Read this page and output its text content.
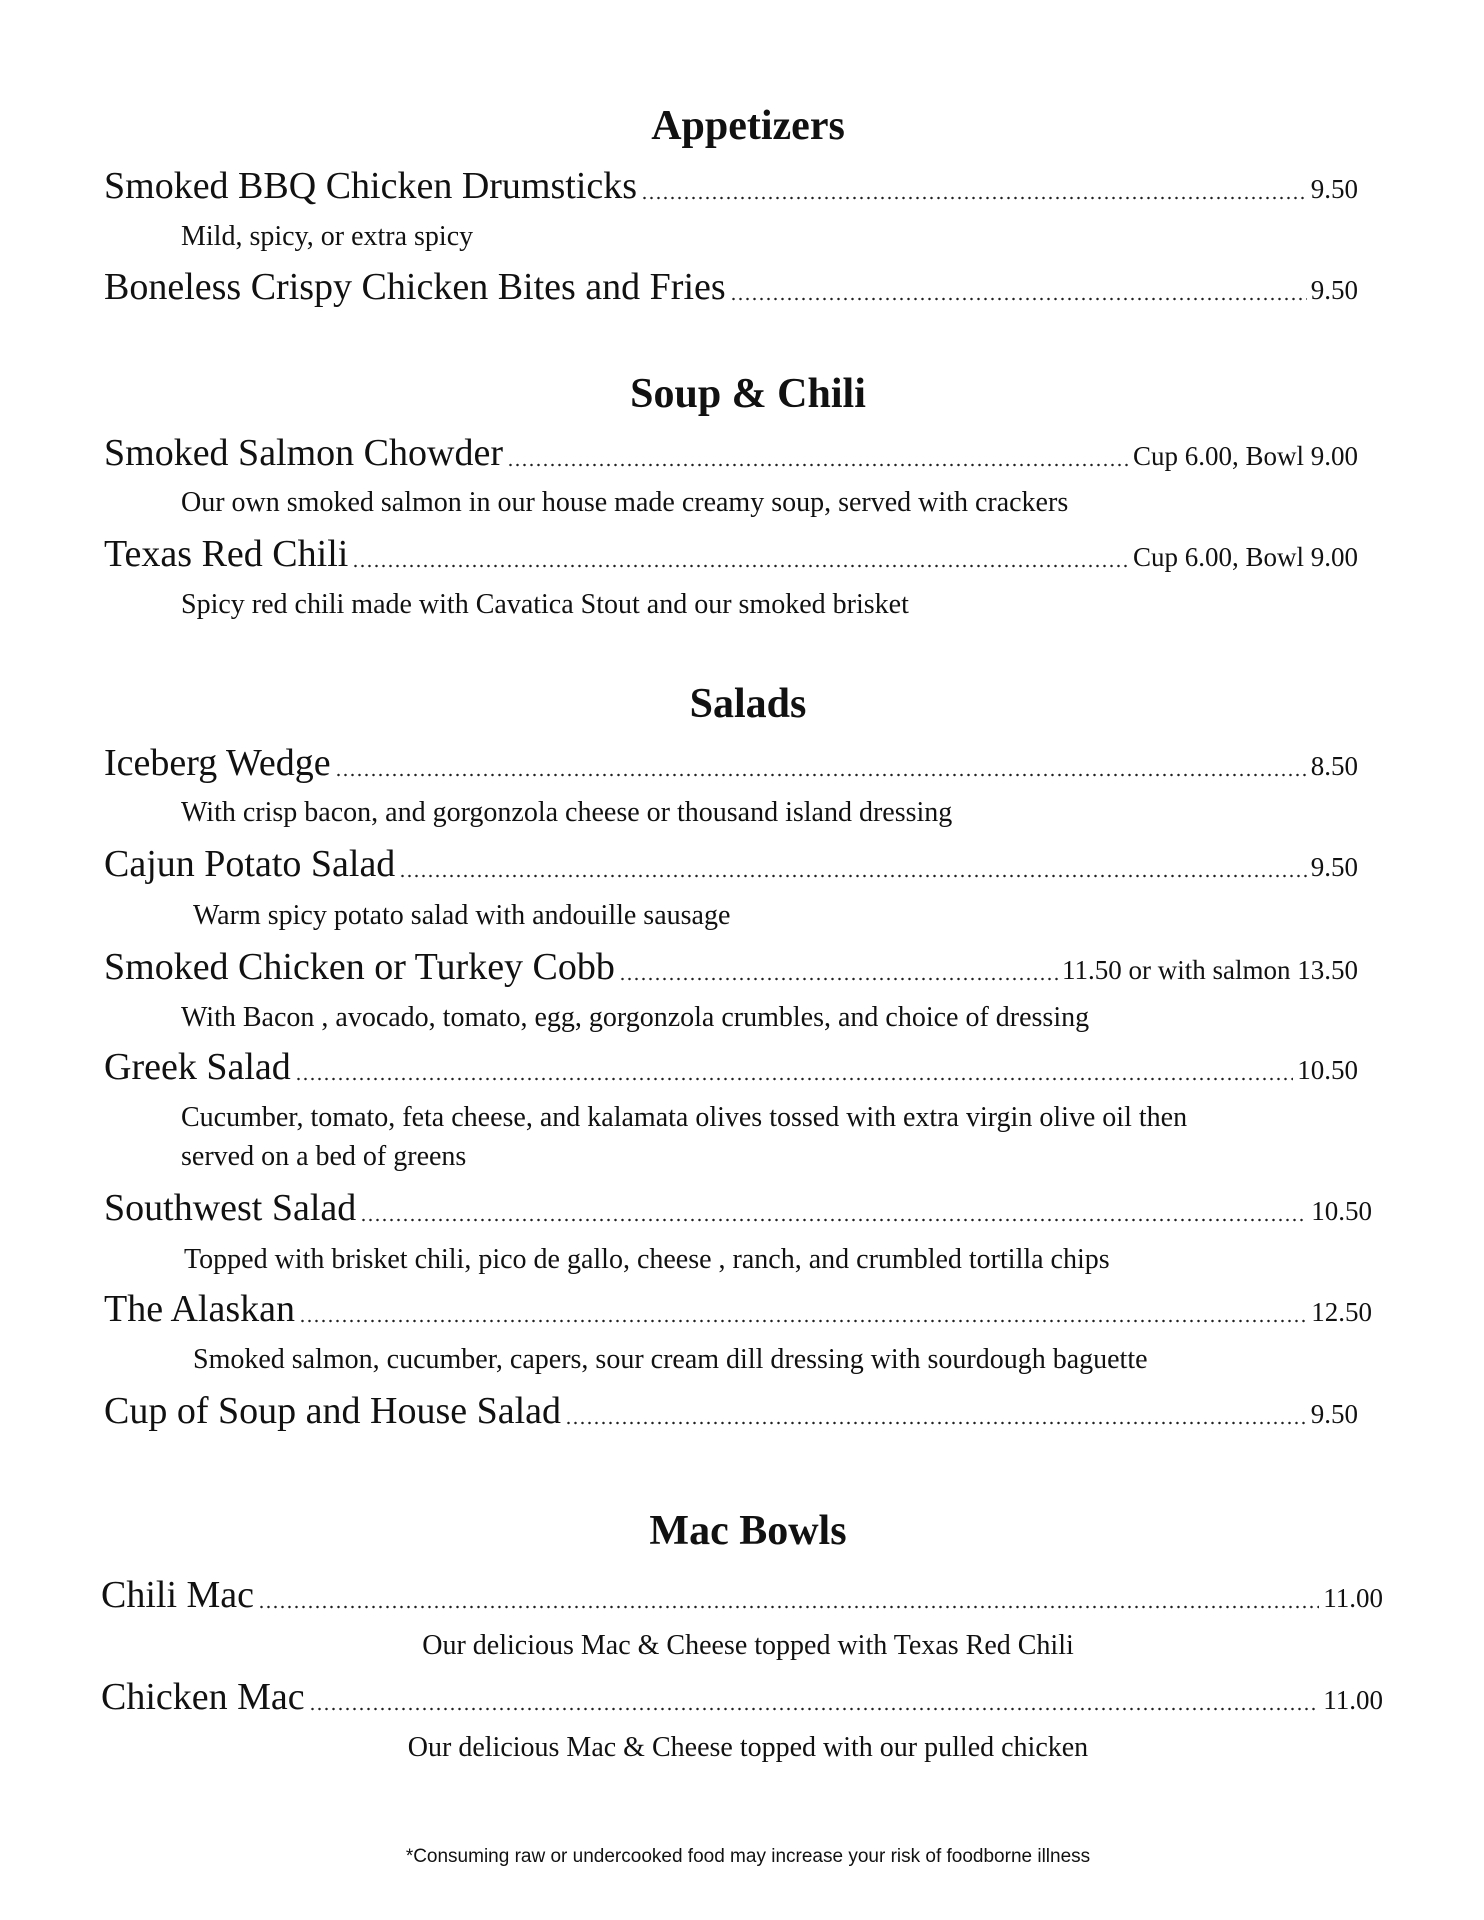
Appetizers
Smoked BBQ Chicken Drumsticks	9.50
Mild, spicy, or extra spicy
Boneless Crispy Chicken Bites and Fries	9.50
Soup & Chili
Smoked Salmon Chowder	Cup 6.00, Bowl 9.00
Our own smoked salmon in our house made creamy soup, served with crackers
Texas Red Chili	Cup 6.00, Bowl 9.00
Spicy red chili made with Cavatica Stout and our smoked brisket
Salads
Iceberg Wedge	8.50
With crisp bacon, and gorgonzola cheese or thousand island dressing
Cajun Potato Salad	9.50
Warm spicy potato salad with andouille sausage
Smoked Chicken or Turkey Cobb	11.50 or with salmon 13.50
With Bacon , avocado, tomato, egg, gorgonzola crumbles, and choice of dressing
Greek Salad	10.50
Cucumber, tomato, feta cheese, and kalamata olives tossed with extra virgin olive oil then
served on a bed of greens
Southwest Salad	10.50
Topped with brisket chili, pico de gallo, cheese , ranch, and crumbled tortilla chips
The Alaskan	12.50
Smoked salmon, cucumber, capers, sour cream dill dressing with sourdough baguette
Cup of Soup and House Salad	9.50
Mac Bowls
Chili Mac	11.00
Our delicious Mac & Cheese topped with Texas Red Chili
Chicken Mac	11.00
Our delicious Mac & Cheese topped with our pulled chicken
*Consuming raw or undercooked food may increase your risk of foodborne illness
